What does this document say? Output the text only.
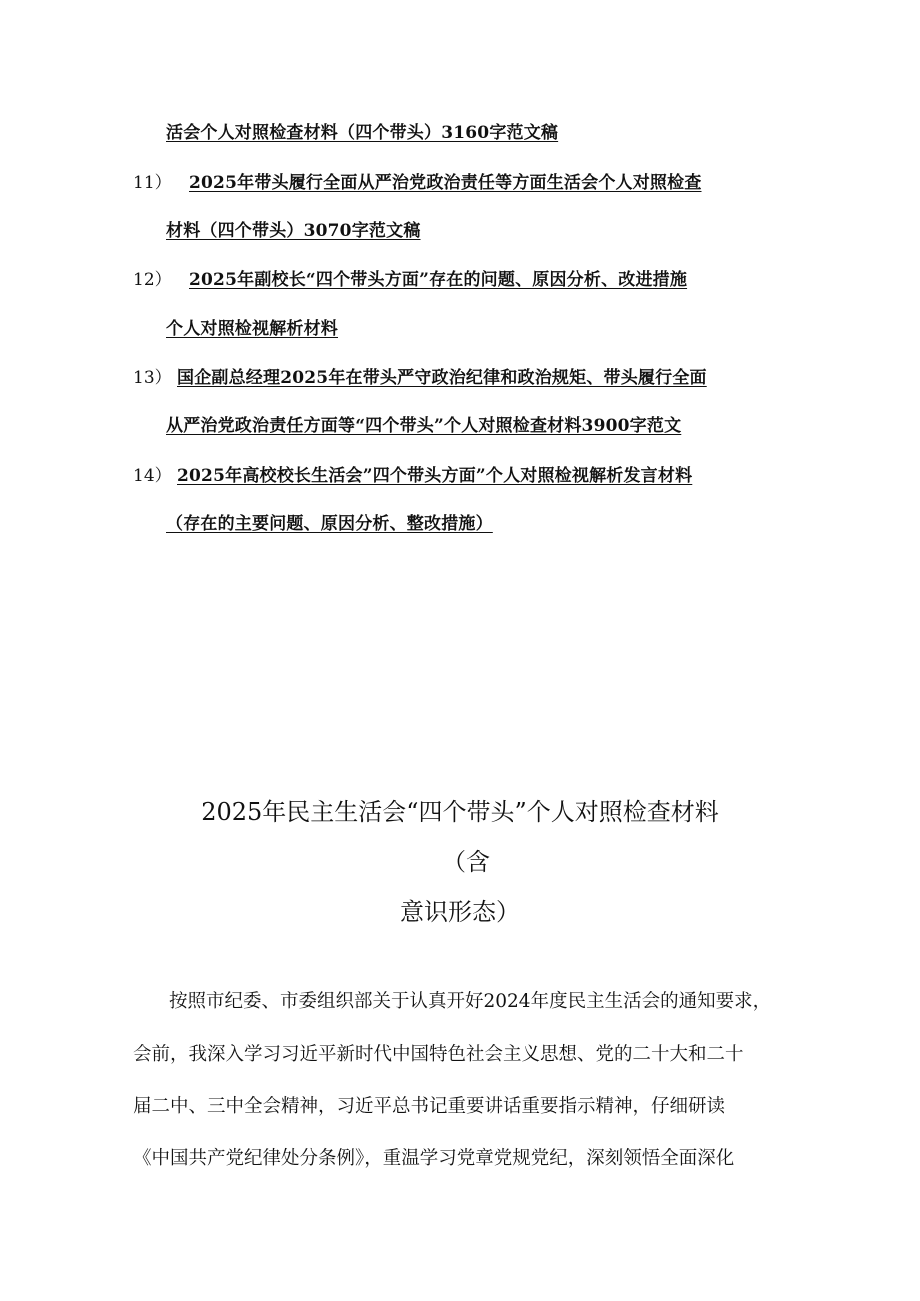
活会个人对照检查材料（四个带头）3160字范文稿
11） 2025年带头履行全面从严治党政治责任等方面生活会个人对照检查
材料（四个带头）3070字范文稿
12） 2025年副校长“四个带头方面”存在的问题、原因分析、改进措施
个人对照检视解析材料
13） 国企副总经理2025年在带头严守政治纪律和政治规矩、带头履行全面
从严治党政治责任方面等“四个带头”个人对照检查材料3900字范文
14） 2025年高校校长生活会”四个带头方面”个人对照检视解析发言材料
（存在的主要问题、原因分析、整改措施）
2025年民主生活会“四个带头”个人对照检查材料
（含
意识形态）
按照市纪委、市委组织部关于认真开好2024年度民主生活会的通知要求，
会前，我深入学习习近平新时代中国特色社会主义思想、党的二十大和二十
届二中、三中全会精神，习近平总书记重要讲话重要指示精神，仔细研读
《中国共产党纪律处分条例》，重温学习党章党规党纪，深刻领悟全面深化
